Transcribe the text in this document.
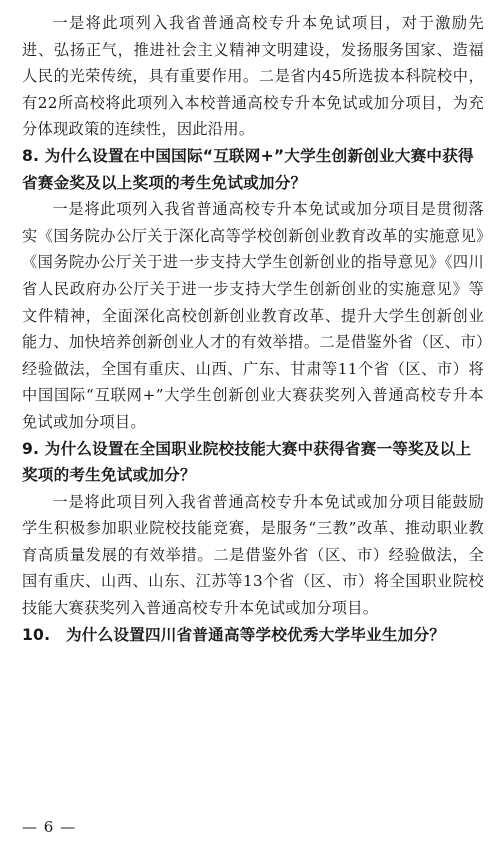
一是将此项列入我省普通高校专升本免试项目，对于激励先进、弘扬正气，推进社会主义精神文明建设，发扬服务国家、造福人民的光荣传统，具有重要作用。二是省内45所选拔本科院校中，有22所高校将此项列入本校普通高校专升本免试或加分项目，为充分体现政策的连续性，因此沿用。

8. 为什么设置在中国国际“互联网+”大学生创新创业大赛中获得省赛金奖及以上奖项的考生免试或加分？

一是将此项列入我省普通高校专升本免试或加分项目是贯彻落实《国务院办公厅关于深化高等学校创新创业教育改革的实施意见》《国务院办公厅关于进一步支持大学生创新创业的指导意见》《四川省人民政府办公厅关于进一步支持大学生创新创业的实施意见》等文件精神，全面深化高校创新创业教育改革、提升大学生创新创业能力、加快培养创新创业人才的有效举措。二是借鉴外省（区、市）经验做法，全国有重庆、山西、广东、甘肃等11个省（区、市）将中国国际“互联网+”大学生创新创业大赛获奖列入普通高校专升本免试或加分项目。

9. 为什么设置在全国职业院校技能大赛中获得省赛一等奖及以上奖项的考生免试或加分？

一是将此项目列入我省普通高校专升本免试或加分项目能鼓励学生积极参加职业院校技能竞赛，是服务“三教”改革、推动职业教育高质量发展的有效举措。二是借鉴外省（区、市）经验做法，全国有重庆、山西、山东、江苏等13个省（区、市）将全国职业院校技能大赛获奖列入普通高校专升本免试或加分项目。

10.　为什么设置四川省普通高等学校优秀大学毕业生加分？

— 6 —
